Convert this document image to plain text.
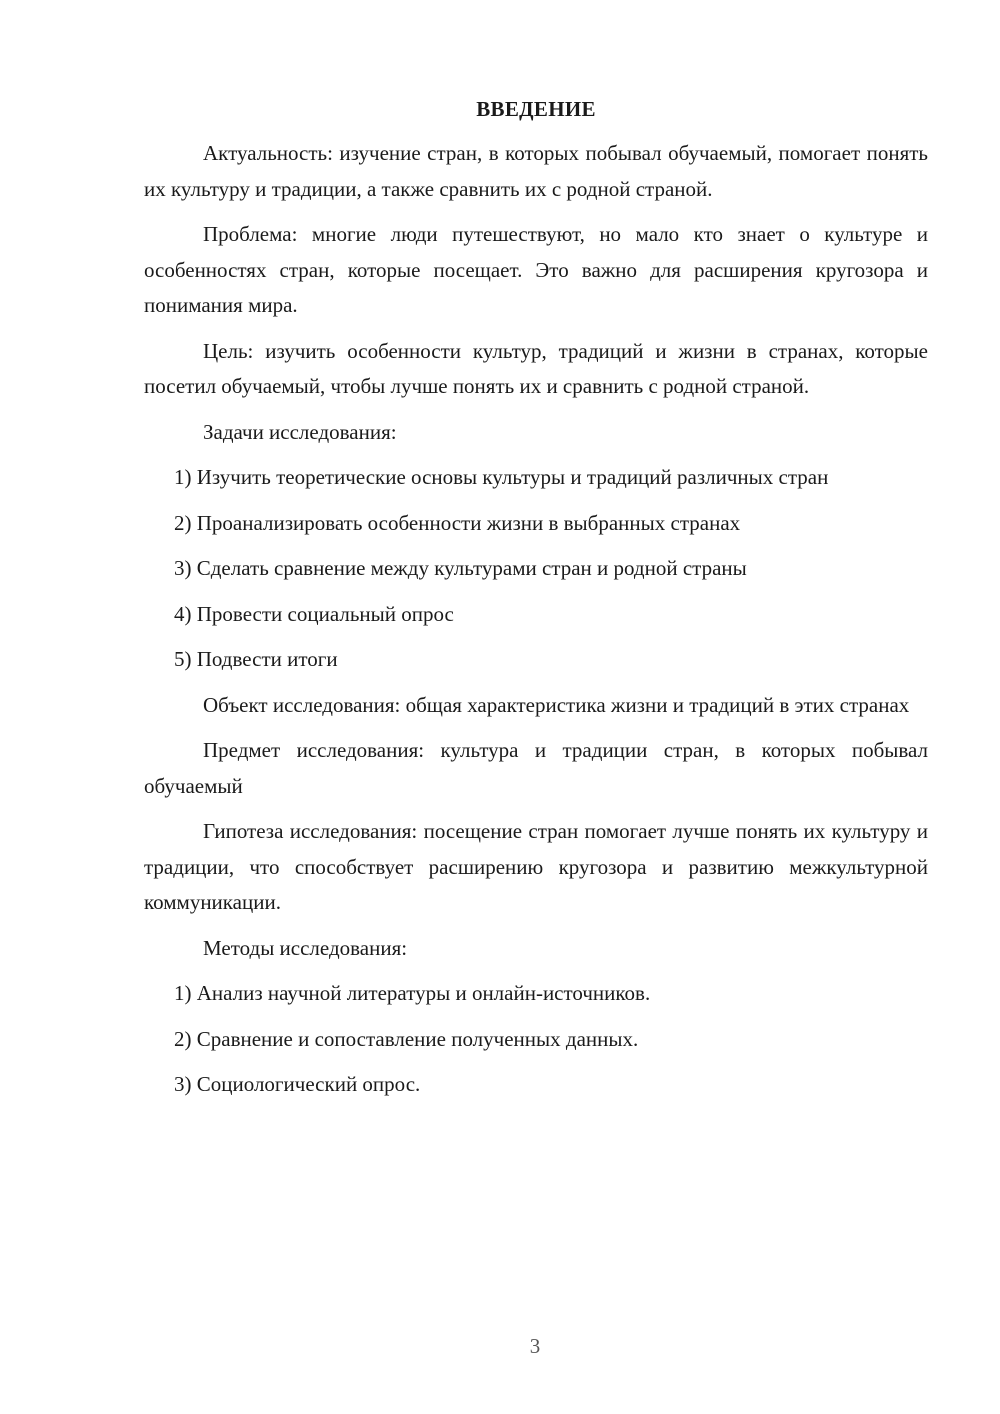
ВВЕДЕНИЕ

Актуальность: изучение стран, в которых побывал обучаемый, помогает понять их культуру и традиции, а также сравнить их с родной страной.

Проблема: многие люди путешествуют, но мало кто знает о культуре и особенностях стран, которые посещает. Это важно для расширения кругозора и понимания мира.

Цель: изучить особенности культур, традиций и жизни в странах, которые посетил обучаемый, чтобы лучше понять их и сравнить с родной страной.

Задачи исследования:

1) Изучить теоретические основы культуры и традиций различных стран

2) Проанализировать особенности жизни в выбранных странах

3) Сделать сравнение между культурами стран и родной страны

4) Провести социальный опрос

5) Подвести итоги

Объект исследования: общая характеристика жизни и традиций в этих странах

Предмет исследования: культура и традиции стран, в которых побывал обучаемый

Гипотеза исследования: посещение стран помогает лучше понять их культуру и традиции, что способствует расширению кругозора и развитию межкультурной коммуникации.

Методы исследования:

1) Анализ научной литературы и онлайн-источников.

2) Сравнение и сопоставление полученных данных.

3) Социологический опрос.

3
